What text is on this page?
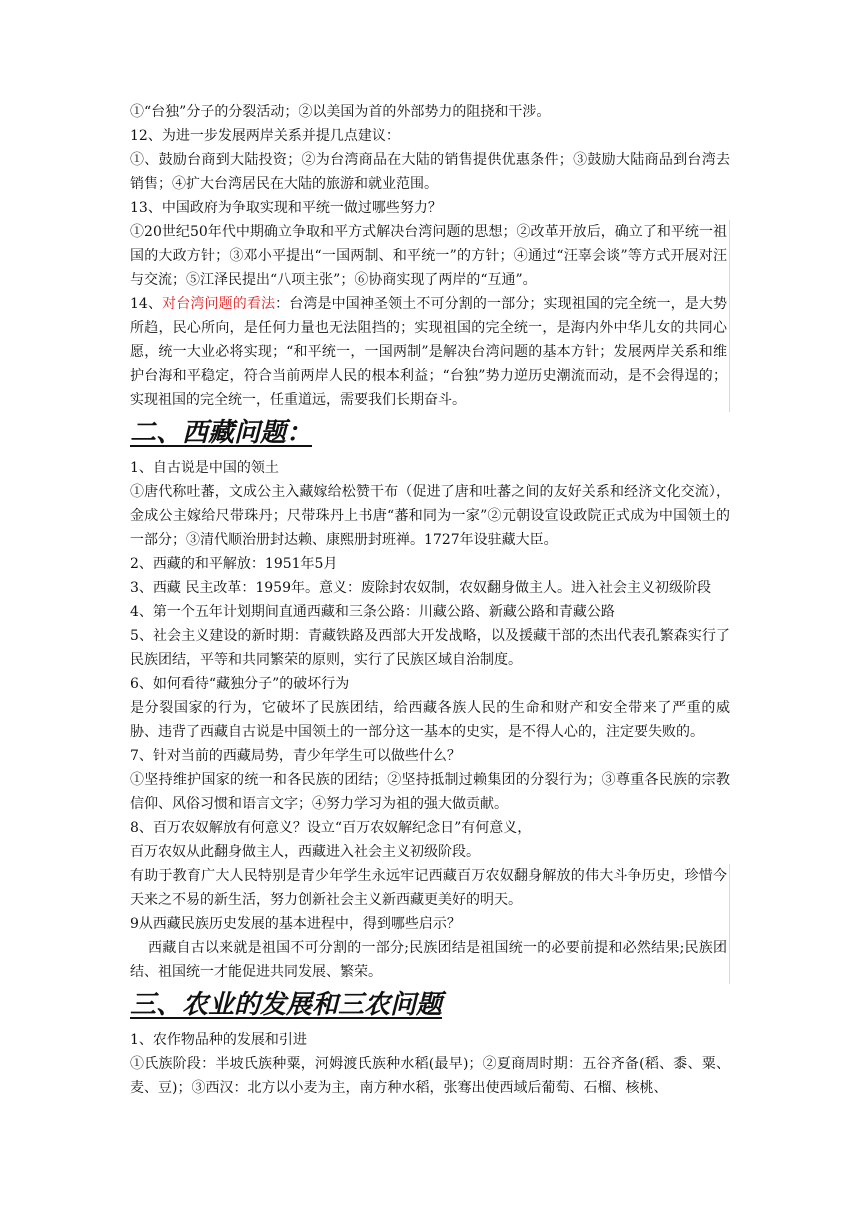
①“台独”分子的分裂活动；②以美国为首的外部势力的阻挠和干涉。

12、为进一步发展两岸关系并提几点建议：

①、鼓励台商到大陆投资；②为台湾商品在大陆的销售提供优惠条件；③鼓励大陆商品到台湾去销售；④扩大台湾居民在大陆的旅游和就业范围。

13、中国政府为争取实现和平统一做过哪些努力？

①20世纪50年代中期确立争取和平方式解决台湾问题的思想；②改革开放后，确立了和平统一祖国的大政方针；③邓小平提出“一国两制、和平统一”的方针；④通过“汪辜会谈”等方式开展对汪与交流；⑤江泽民提出“八项主张”；⑥协商实现了两岸的“互通”。

14、对台湾问题的看法：台湾是中国神圣领土不可分割的一部分；实现祖国的完全统一，是大势所趋，民心所向，是任何力量也无法阻挡的；实现祖国的完全统一，是海内外中华儿女的共同心愿，统一大业必将实现；“和平统一，一国两制”是解决台湾问题的基本方针；发展两岸关系和维护台海和平稳定，符合当前两岸人民的根本利益；“台独”势力逆历史潮流而动，是不会得逞的；实现祖国的完全统一，任重道远，需要我们长期奋斗。

二、西藏问题：

1、自古说是中国的领土

①唐代称吐蕃，文成公主入藏嫁给松赞干布（促进了唐和吐蕃之间的友好关系和经济文化交流），金成公主嫁给尺带珠丹；尺带珠丹上书唐“蕃和同为一家”②元朝设宣设政院正式成为中国领土的一部分；③清代顺治册封达赖、康熙册封班禅。1727年设驻藏大臣。

2、西藏的和平解放：1951年5月

3、西藏 民主改革：1959年。意义：废除封农奴制，农奴翻身做主人。进入社会主义初级阶段

4、第一个五年计划期间直通西藏和三条公路：川藏公路、新藏公路和青藏公路

5、社会主义建设的新时期：青藏铁路及西部大开发战略，以及援藏干部的杰出代表孔繁森实行了民族团结，平等和共同繁荣的原则，实行了民族区域自治制度。

6、如何看待“藏独分子”的破坏行为

是分裂国家的行为，它破坏了民族团结，给西藏各族人民的生命和财产和安全带来了严重的威胁、违背了西藏自古说是中国领土的一部分这一基本的史实，是不得人心的，注定要失败的。

7、针对当前的西藏局势，青少年学生可以做些什么？

①坚持维护国家的统一和各民族的团结；②坚持抵制过赖集团的分裂行为；③尊重各民族的宗教信仰、风俗习惯和语言文字；④努力学习为祖的强大做贡献。

8、百万农奴解放有何意义？设立“百万农奴解纪念日”有何意义，

百万农奴从此翻身做主人，西藏进入社会主义初级阶段。

有助于教育广大人民特别是青少年学生永远牢记西藏百万农奴翻身解放的伟大斗争历史，珍惜今天来之不易的新生活，努力创新社会主义新西藏更美好的明天。

9从西藏民族历史发展的基本进程中，得到哪些启示？

西藏自古以来就是祖国不可分割的一部分;民族团结是祖国统一的必要前提和必然结果;民族团结、祖国统一才能促进共同发展、繁荣。

三、农业的发展和三农问题

1、农作物品种的发展和引进

①氏族阶段：半坡氏族种粟，河姆渡氏族种水稻(最早)；②夏商周时期：五谷齐备(稻、黍、粟、麦、豆)；③西汉：北方以小麦为主，南方种水稻，张骞出使西域后葡萄、石榴、核桃、
